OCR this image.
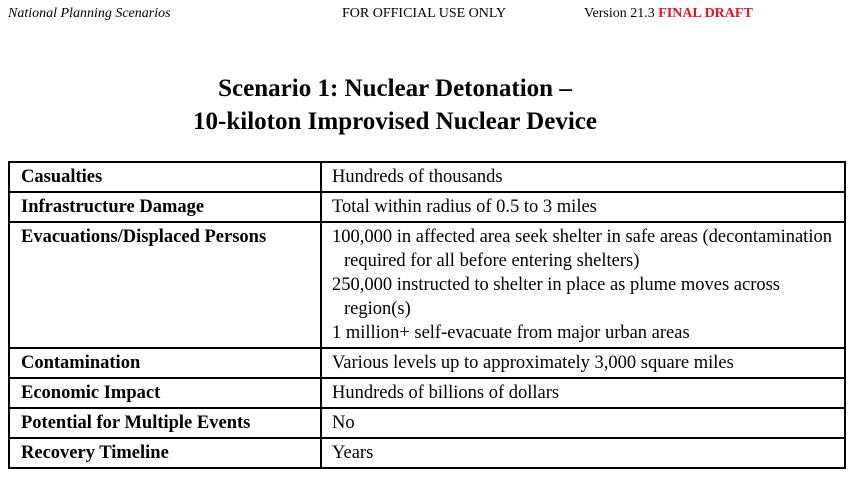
National Planning Scenarios	FOR OFFICIAL USE ONLY	Version 21.3 FINAL DRAFT
Scenario 1: Nuclear Detonation –
10-kiloton Improvised Nuclear Device
Casualties	Hundreds of thousands
Infrastructure Damage	Total within radius of 0.5 to 3 miles
Evacuations/Displaced Persons	100,000 in affected area seek shelter in safe areas (decontamination required for all before entering shelters)
250,000 instructed to shelter in place as plume moves across region(s)
1 million+ self-evacuate from major urban areas

Contamination	Various levels up to approximately 3,000 square miles
Economic Impact	Hundreds of billions of dollars
Potential for Multiple Events	No
Recovery Timeline	Years
